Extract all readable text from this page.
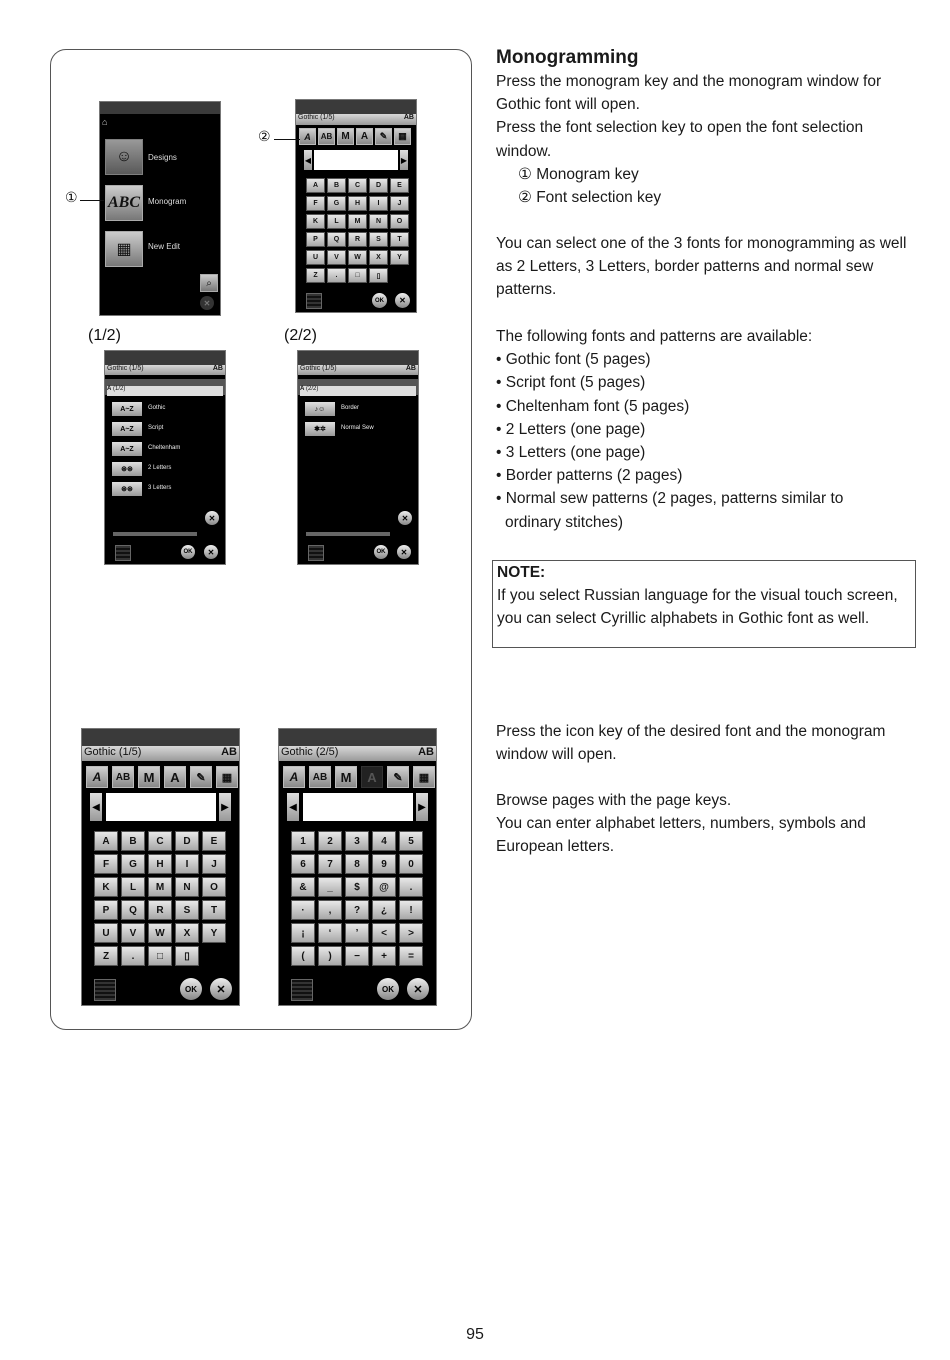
⌂
☺	Designs
ABC	Monogram
▦	New Edit
⌕
✕
①
Gothic (1/5)	AB
A	AB M	A	✎	▦
◀	▶
A	B	C	D	E
F	G	H	I	J
K	L	M	N	O
P	Q	R	S	T
U	V	W	X	Y
Z	.	□	▯
OK	✕
②
(1/2)	(2/2)
Gothic (1/5)	AB
A (1/2)
✕
OK	✕
A~Z	Gothic
A~Z	Script
A~Z	Cheltenham
⊛⊛	2 Letters
⊛⊛	3 Letters
Gothic (1/5)	AB
A (2/2)
✕
OK	✕
♪☺	Border
✱✲	Normal Sew
Gothic (1/5)	AB
A	AB	M	A	✎	▦
◀	▶
A	B	C	D	E
F	G	H	I	J
K	L	M	N	O
P	Q	R	S	T
U	V	W	X	Y
Z	.	□	▯
OK	✕
Gothic (2/5)	AB
A	AB	M	A	✎	▦
◀	▶
1	2	3	4	5
6	7	8	9	0
&	_	$	@	.
·	,	?	¿	!
¡	‘	’	<	>
(	)	−	+	=
OK	✕
Monogramming

Press the monogram key and the monogram window for Gothic font will open.

Press the font selection key to open the font selection window.

① Monogram key

② Font selection key

You can select one of the 3 fonts for monogramming as well as 2 Letters, 3 Letters, border patterns and normal sew patterns.

The following fonts and patterns are available:

• Gothic font (5 pages)

• Script font (5 pages)

• Cheltenham font (5 pages)

• 2 Letters (one page)

• 3 Letters (one page)

• Border patterns (2 pages)

• Normal sew patterns (2 pages, patterns similar to

ordinary stitches)

NOTE:
If you select Russian language for the visual touch screen, you can select Cyrillic alphabets in Gothic font as well.
Press the icon key of the desired font and the monogram window will open.

Browse pages with the page keys.

You can enter alphabet letters, numbers, symbols and European letters.

95
